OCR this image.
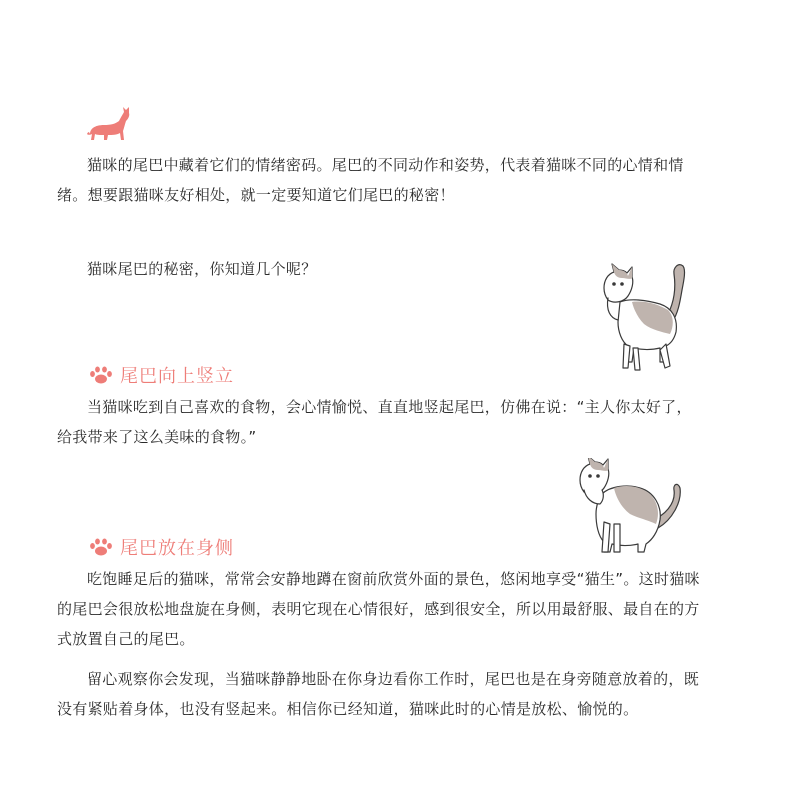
猫咪的尾巴中藏着它们的情绪密码。尾巴的不同动作和姿势，代表着猫咪不同的心情和情绪。想要跟猫咪友好相处，就一定要知道它们尾巴的秘密！
猫咪尾巴的秘密，你知道几个呢？
尾巴向上竖立
当猫咪吃到自己喜欢的食物，会心情愉悦、直直地竖起尾巴，仿佛在说：“主人你太好了，给我带来了这么美味的食物。”
尾巴放在身侧
吃饱睡足后的猫咪，常常会安静地蹲在窗前欣赏外面的景色，悠闲地享受“猫生”。这时猫咪的尾巴会很放松地盘旋在身侧，表明它现在心情很好，感到很安全，所以用最舒服、最自在的方式放置自己的尾巴。
留心观察你会发现，当猫咪静静地卧在你身边看你工作时，尾巴也是在身旁随意放着的，既没有紧贴着身体，也没有竖起来。相信你已经知道，猫咪此时的心情是放松、愉悦的。
